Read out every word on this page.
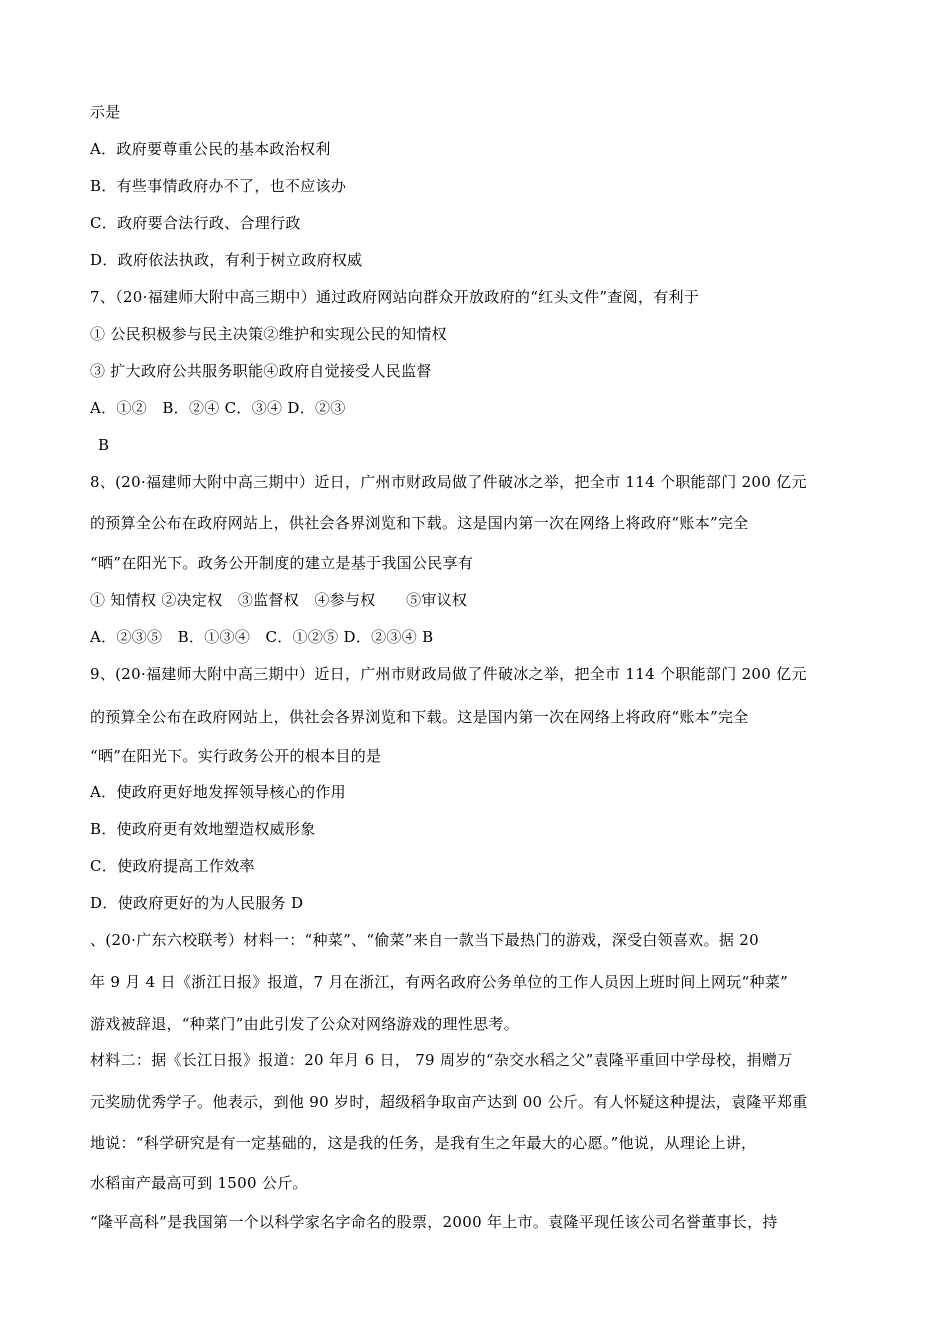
示是
A．政府要尊重公民的基本政治权利
B．有些事情政府办不了，也不应该办
C．政府要合法行政、合理行政
D．政府依法执政，有利于树立政府权威
7、（20·福建师大附中高三期中）通过政府网站向群众开放政府的“红头文件”查阅，有利于
① 公民积极参与民主决策②维护和实现公民的知情权
③ 扩大政府公共服务职能④政府自觉接受人民监督
A．①②　B．②④ C．③④ D．②③
B
8、(20·福建师大附中高三期中）近日，广州市财政局做了件破冰之举，把全市 114 个职能部门 200 亿元
的预算全公布在政府网站上，供社会各界浏览和下载。这是国内第一次在网络上将政府“账本”完全
“晒”在阳光下。政务公开制度的建立是基于我国公民享有
① 知情权 ②决定权　③监督权　④参与权　　⑤审议权
A．②③⑤　B．①③④　C．①②⑤ D．②③④ B
9、(20·福建师大附中高三期中）近日，广州市财政局做了件破冰之举，把全市 114 个职能部门 200 亿元
的预算全公布在政府网站上，供社会各界浏览和下载。这是国内第一次在网络上将政府“账本”完全
“晒”在阳光下。实行政务公开的根本目的是
A．使政府更好地发挥领导核心的作用
B．使政府更有效地塑造权威形象
C．使政府提高工作效率
D．使政府更好的为人民服务 D
、(20·广东六校联考）材料一：“种菜”、“偷菜”来自一款当下最热门的游戏，深受白领喜欢。据 20
年 9 月 4 日《浙江日报》报道，7 月在浙江，有两名政府公务单位的工作人员因上班时间上网玩“种菜”
游戏被辞退，“种菜门”由此引发了公众对网络游戏的理性思考。
材料二：据《长江日报》报道：20 年月 6 日， 79 周岁的“杂交水稻之父”袁隆平重回中学母校，捐赠万
元奖励优秀学子。他表示，到他 90 岁时，超级稻争取亩产达到 00 公斤。有人怀疑这种提法，袁隆平郑重
地说：“科学研究是有一定基础的，这是我的任务，是我有生之年最大的心愿。”他说，从理论上讲，
水稻亩产最高可到 1500 公斤。
“隆平高科”是我国第一个以科学家名字命名的股票，2000 年上市。袁隆平现任该公司名誉董事长，持
